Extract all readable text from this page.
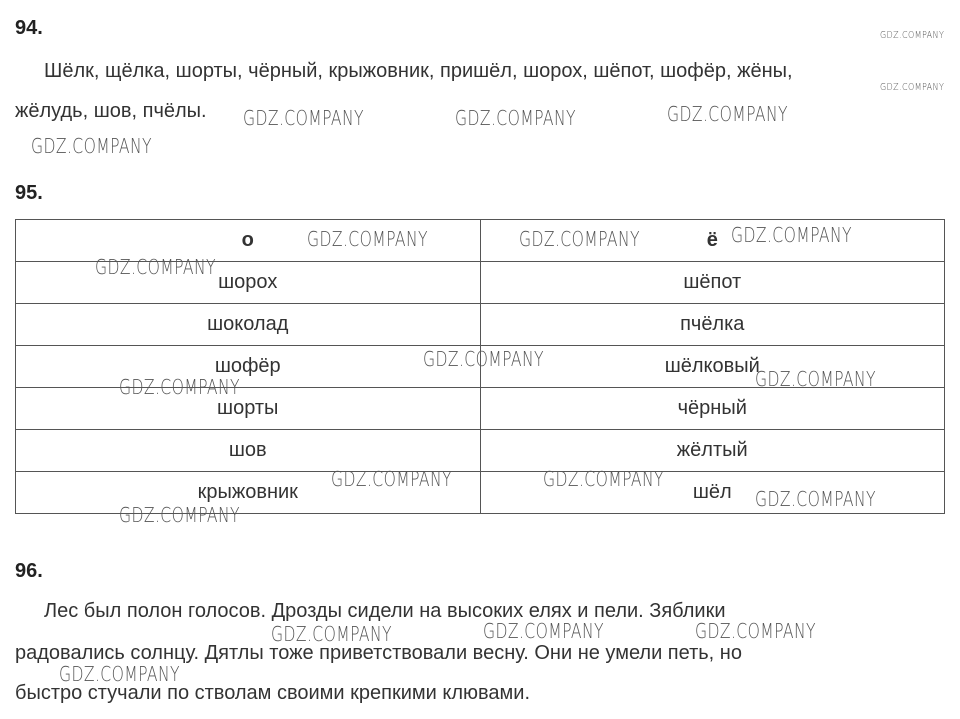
94.
Шёлк, щёлка, шорты, чёрный, крыжовник, пришёл, шорох, шёпот, шофёр, жёны,
жёлудь, шов, пчёлы.
95.
о	ё
шорох	шёпот
шоколад	пчёлка
шофёр	шёлковый
шорты	чёрный
шов	жёлтый
крыжовник	шёл
96.
Лес был полон голосов. Дрозды сидели на высоких елях и пели. Зяблики
радовались солнцу. Дятлы тоже приветствовали весну. Они не умели петь, но
быстро стучали по стволам своими крепкими клювами.
GDZ.COMPANY
GDZ.COMPANY
GDZ.COMPANY	GDZ.COMPANY	GDZ.COMPANY
GDZ.COMPANY
GDZ.COMPANY	GDZ.COMPANY	GDZ.COMPANY
GDZ.COMPANY
GDZ.COMPANY
GDZ.COMPANY	GDZ.COMPANY
GDZ.COMPANY	GDZ.COMPANY
GDZ.COMPANY
GDZ.COMPANY
GDZ.COMPANY	GDZ.COMPANY	GDZ.COMPANY
GDZ.COMPANY
